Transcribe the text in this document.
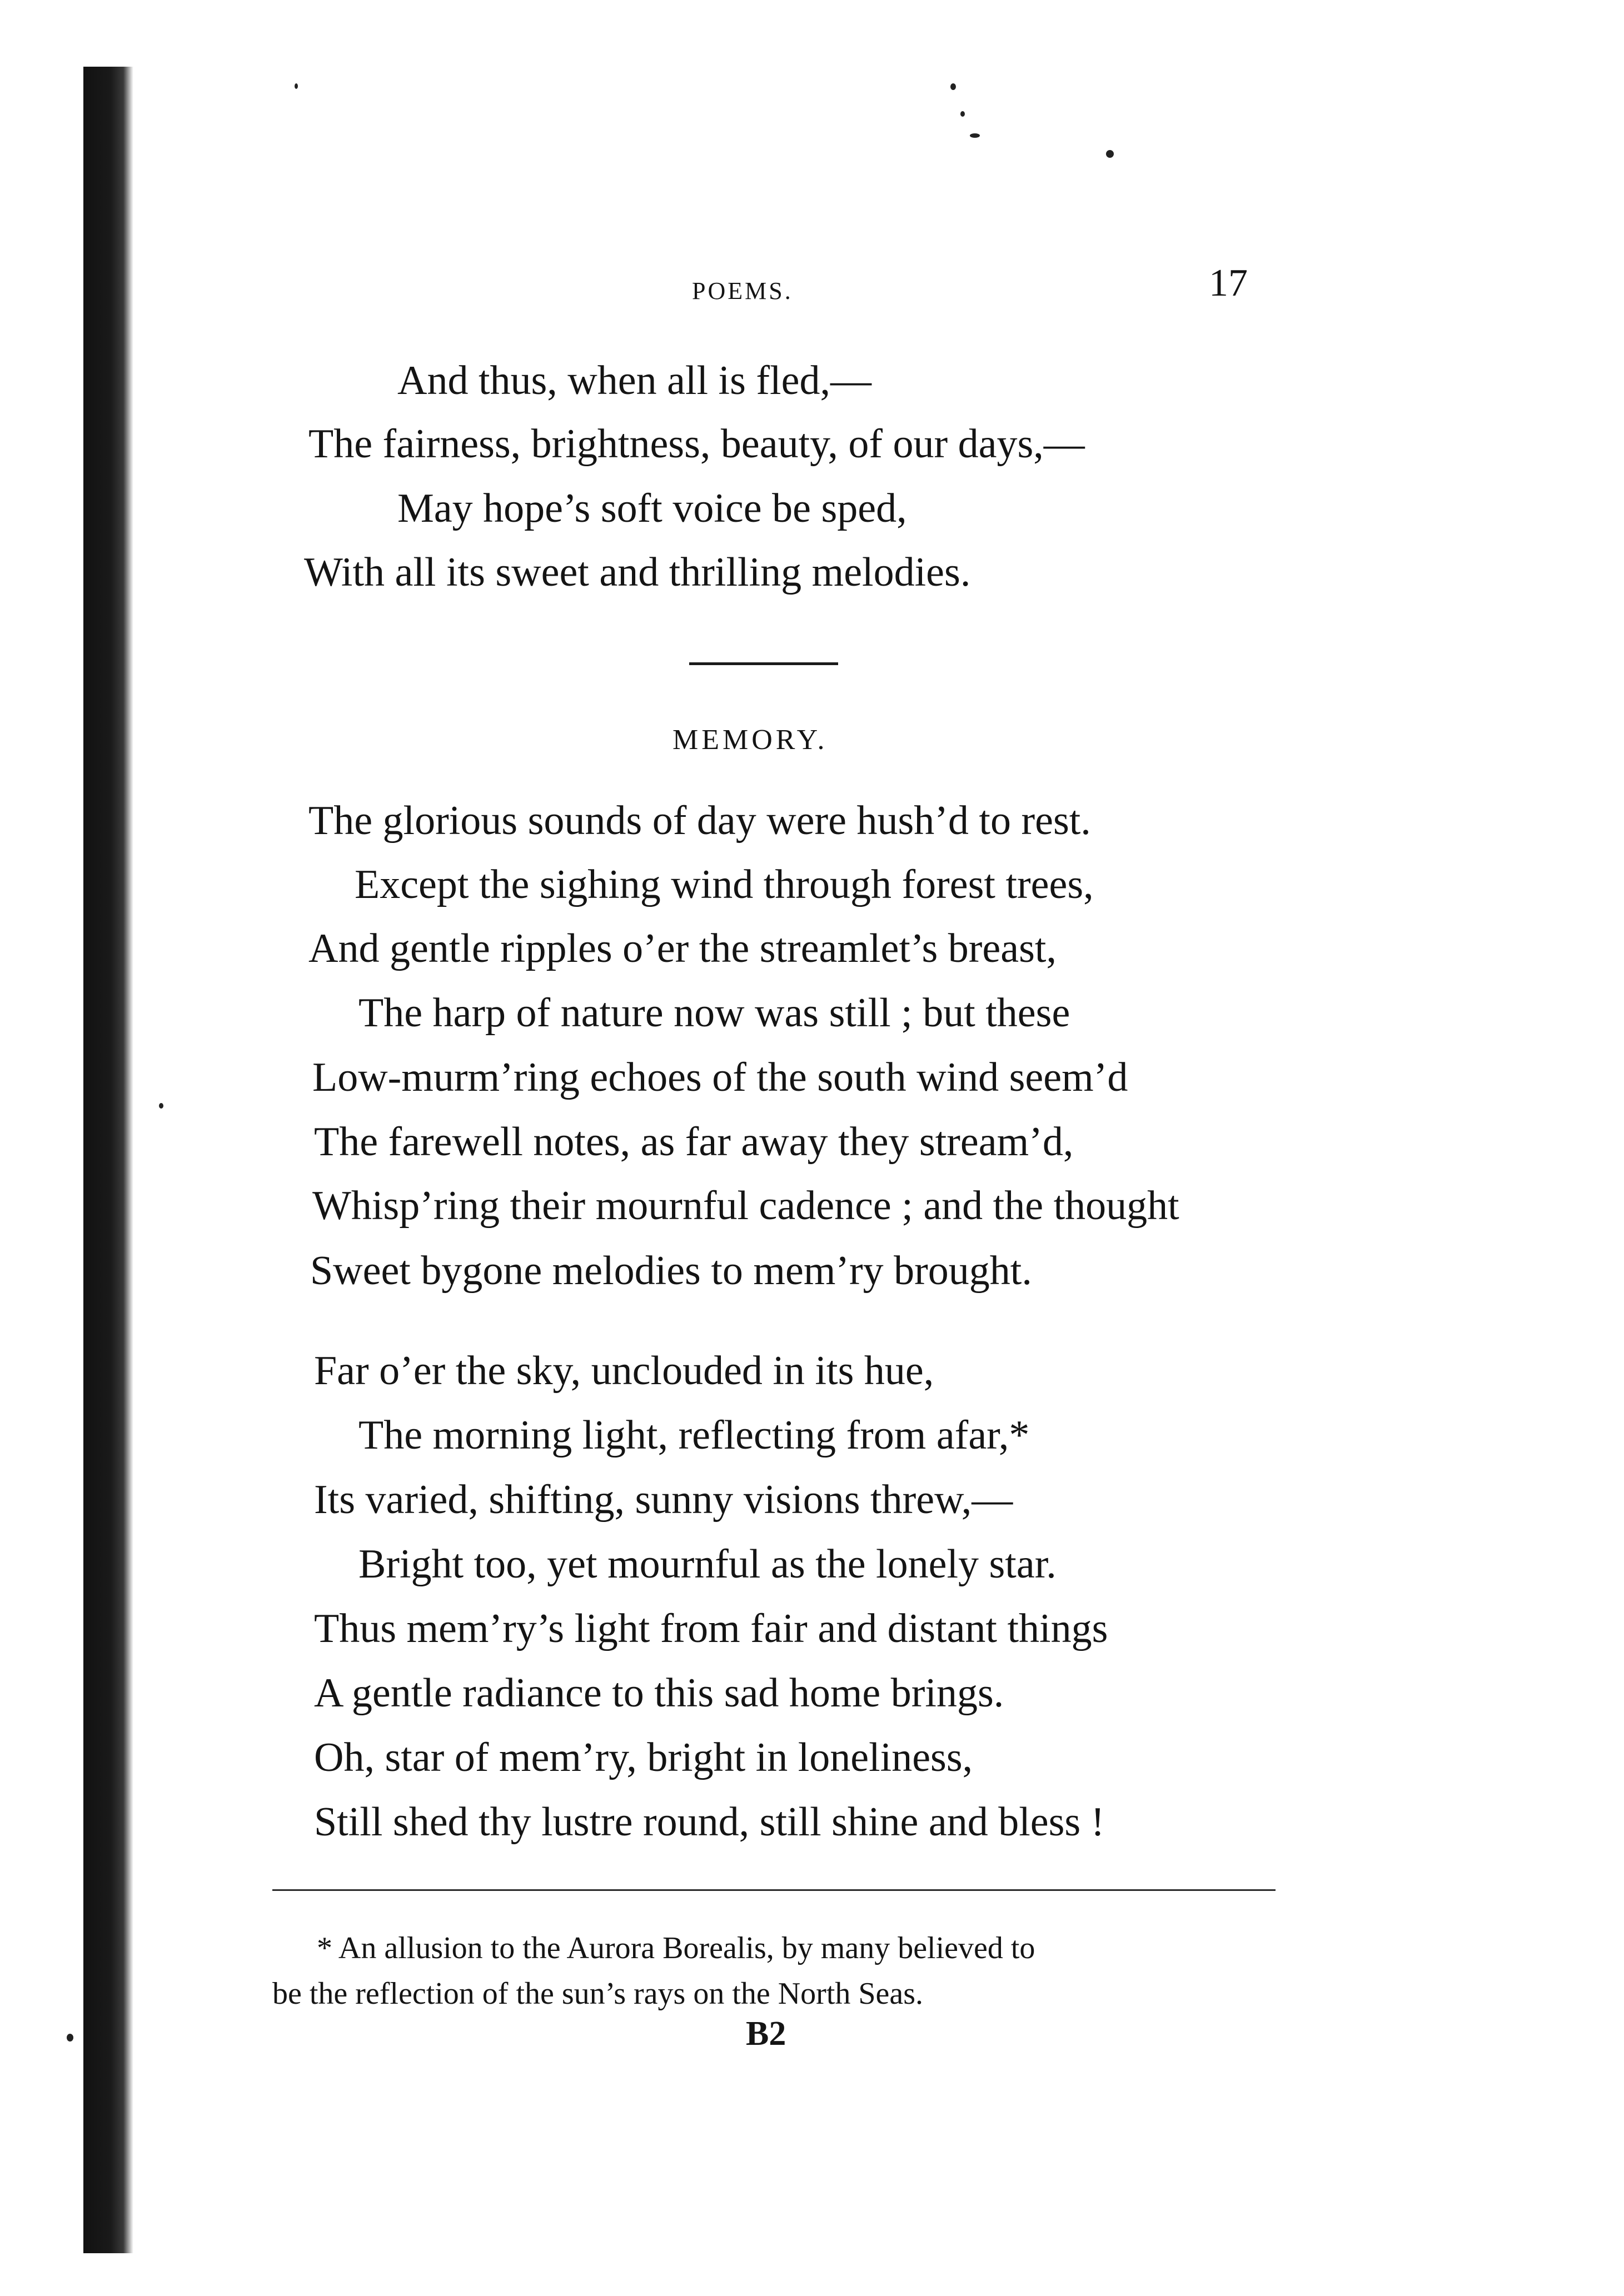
POEMS.	17
And thus, when all is fled,—
The fairness, brightness, beauty, of our days,—
May hope’s soft voice be sped,
With all its sweet and thrilling melodies.
MEMORY.
The glorious sounds of day were hush’d to rest.
Except the sighing wind through forest trees,
And gentle ripples o’er the streamlet’s breast,
The harp of nature now was still ; but these
Low-murm’ring echoes of the south wind seem’d
The farewell notes, as far away they stream’d,
Whisp’ring their mournful cadence ; and the thought
Sweet bygone melodies to mem’ry brought.
Far o’er the sky, unclouded in its hue,
The morning light, reflecting from afar,*
Its varied, shifting, sunny visions threw,—
Bright too, yet mournful as the lonely star.
Thus mem’ry’s light from fair and distant things
A gentle radiance to this sad home brings.
Oh, star of mem’ry, bright in loneliness,
Still shed thy lustre round, still shine and bless !
* An allusion to the Aurora Borealis, by many believed to
be the reflection of the sun’s rays on the North Seas.
B2
